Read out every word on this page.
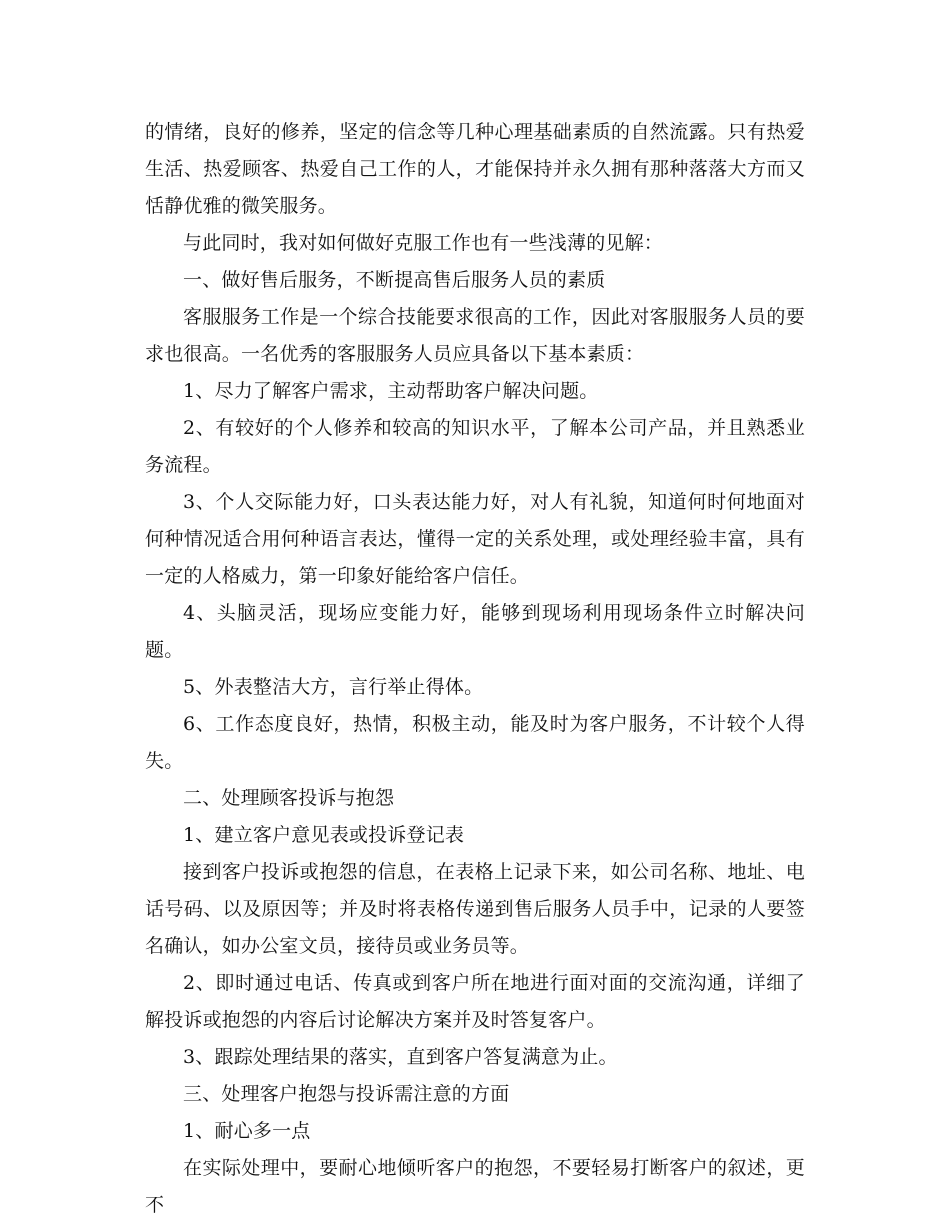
的情绪，良好的修养，坚定的信念等几种心理基础素质的自然流露。只有热爱生活、热爱顾客、热爱自己工作的人，才能保持并永久拥有那种落落大方而又恬静优雅的微笑服务。

与此同时，我对如何做好克服工作也有一些浅薄的见解：

一、做好售后服务，不断提高售后服务人员的素质

客服服务工作是一个综合技能要求很高的工作，因此对客服服务人员的要求也很高。一名优秀的客服服务人员应具备以下基本素质：

1、尽力了解客户需求，主动帮助客户解决问题。

2、有较好的个人修养和较高的知识水平，了解本公司产品，并且熟悉业务流程。

3、个人交际能力好，口头表达能力好，对人有礼貌，知道何时何地面对何种情况适合用何种语言表达，懂得一定的关系处理，或处理经验丰富，具有一定的人格威力，第一印象好能给客户信任。

4、头脑灵活，现场应变能力好，能够到现场利用现场条件立时解决问题。

5、外表整洁大方，言行举止得体。

6、工作态度良好，热情，积极主动，能及时为客户服务，不计较个人得失。

二、处理顾客投诉与抱怨

1、建立客户意见表或投诉登记表

接到客户投诉或抱怨的信息，在表格上记录下来，如公司名称、地址、电话号码、以及原因等；并及时将表格传递到售后服务人员手中，记录的人要签名确认，如办公室文员，接待员或业务员等。

2、即时通过电话、传真或到客户所在地进行面对面的交流沟通，详细了解投诉或抱怨的内容后讨论解决方案并及时答复客户。

3、跟踪处理结果的落实，直到客户答复满意为止。

三、处理客户抱怨与投诉需注意的方面

1、耐心多一点

在实际处理中，要耐心地倾听客户的抱怨，不要轻易打断客户的叙述，更不
